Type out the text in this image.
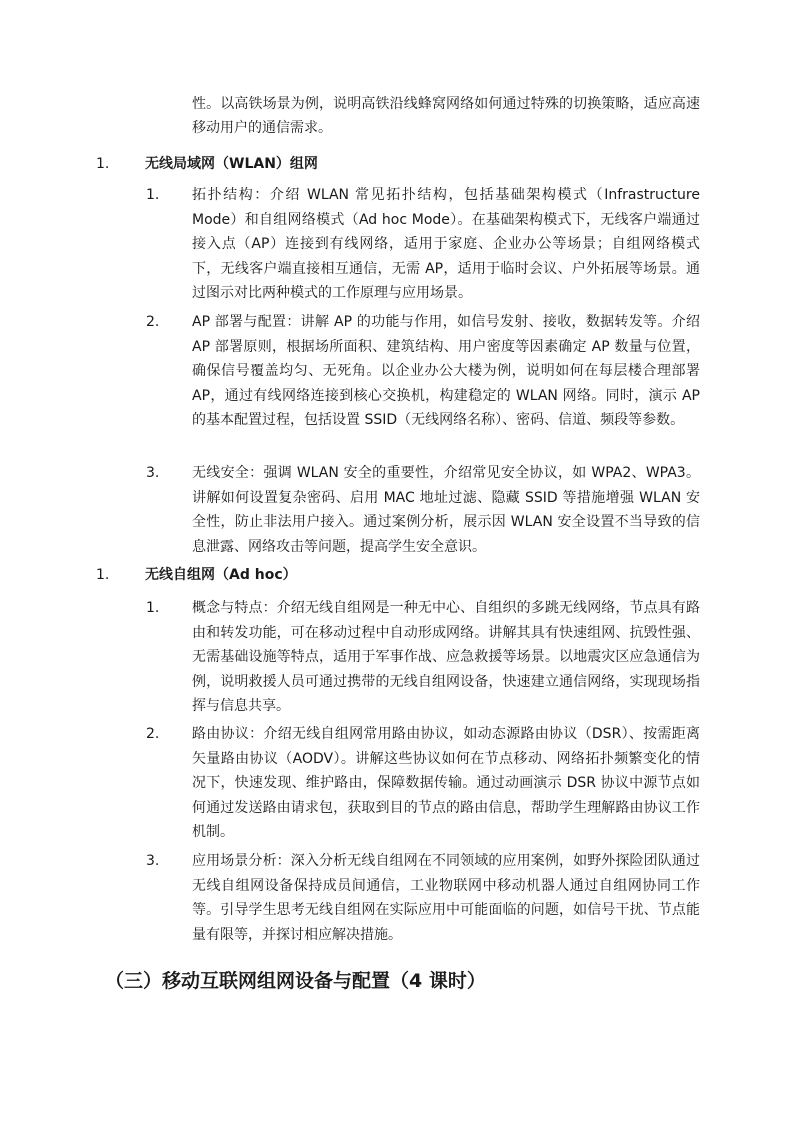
性。以高铁场景为例，说明高铁沿线蜂窝网络如何通过特殊的切换策略，适应高速移动用户的通信需求。

1.	无线局域网（WLAN）组网
1. 拓扑结构：介绍 WLAN 常见拓扑结构，包括基础架构模式（Infrastructure Mode）和自组网络模式（Ad hoc Mode）。在基础架构模式下，无线客户端通过接入点（AP）连接到有线网络，适用于家庭、企业办公等场景；自组网络模式下，无线客户端直接相互通信，无需 AP，适用于临时会议、户外拓展等场景。通过图示对比两种模式的工作原理与应用场景。

2. AP 部署与配置：讲解 AP 的功能与作用，如信号发射、接收，数据转发等。介绍 AP 部署原则，根据场所面积、建筑结构、用户密度等因素确定 AP 数量与位置，确保信号覆盖均匀、无死角。以企业办公大楼为例，说明如何在每层楼合理部署 AP，通过有线网络连接到核心交换机，构建稳定的 WLAN 网络。同时，演示 AP 的基本配置过程，包括设置 SSID（无线网络名称）、密码、信道、频段等参数。

3. 无线安全：强调 WLAN 安全的重要性，介绍常见安全协议，如 WPA2、WPA3。讲解如何设置复杂密码、启用 MAC 地址过滤、隐藏 SSID 等措施增强 WLAN 安全性，防止非法用户接入。通过案例分析，展示因 WLAN 安全设置不当导致的信息泄露、网络攻击等问题，提高学生安全意识。

1.	无线自组网（Ad hoc）
1. 概念与特点：介绍无线自组网是一种无中心、自组织的多跳无线网络，节点具有路由和转发功能，可在移动过程中自动形成网络。讲解其具有快速组网、抗毁性强、无需基础设施等特点，适用于军事作战、应急救援等场景。以地震灾区应急通信为例，说明救援人员可通过携带的无线自组网设备，快速建立通信网络，实现现场指挥与信息共享。

2. 路由协议：介绍无线自组网常用路由协议，如动态源路由协议（DSR）、按需距离矢量路由协议（AODV）。讲解这些协议如何在节点移动、网络拓扑频繁变化的情况下，快速发现、维护路由，保障数据传输。通过动画演示 DSR 协议中源节点如何通过发送路由请求包，获取到目的节点的路由信息，帮助学生理解路由协议工作机制。

3. 应用场景分析：深入分析无线自组网在不同领域的应用案例，如野外探险团队通过无线自组网设备保持成员间通信，工业物联网中移动机器人通过自组网协同工作等。引导学生思考无线自组网在实际应用中可能面临的问题，如信号干扰、节点能量有限等，并探讨相应解决措施。

（三）移动互联网组网设备与配置（4 课时）
